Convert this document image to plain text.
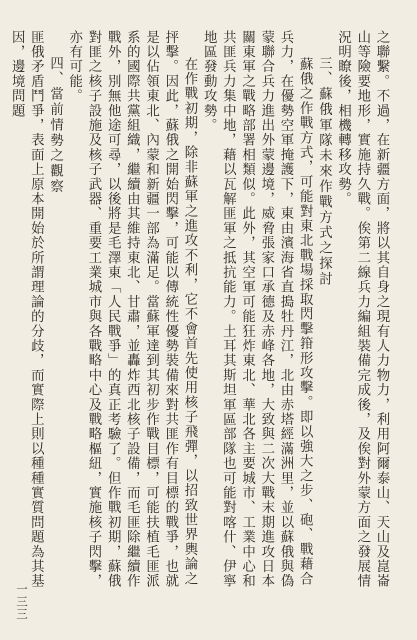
之聯繫。不過，在新疆方面，將以其自身之現有人力物力，利用阿爾泰山、天山及崑崙山等險要地形，實施持久戰。俟第二線兵力編組裝備完成後，及俟對外蒙方面之發展情況明瞭後，相機轉移攻勢。

三、蘇俄軍隊未來作戰方式之探討

蘇俄之作戰方式，可能對東北戰場採取閃擊箝形攻擊。即以強大之步、砲、戰藉合兵力，在優勢空軍掩護下，東由濱海省直搗牡丹江，北由赤塔經滿洲里，並以蘇俄與偽蒙聯合兵力進出外蒙邊境，威脅張家口承德及赤峰各地，大致與二次大戰末期進攻日本關東軍之戰略部署相類似。此外，其空軍可能狂炸東北、華北各主要城市、工業中心和共匪兵力集中地，藉以瓦解匪軍之抵抗能力。土耳其斯坦軍區部隊也可能對喀什、伊寧地區發動攻勢。

在作戰初期，除非蘇軍之進攻不利，它不會首先使用核子飛彈，以招致世界輿論之抨擊。因此，蘇俄之開始閃擊，可能以傳統性優勢裝備來對共匪作有目標的戰爭，也就是以佔領東北、內蒙和新疆一部為滿足。當蘇軍達到其初步作戰目標，可能扶植毛匪派系的國際共黨組織，繼續由其維持東北、甘肅，並轟炸西北核子設備，而毛匪除繼續作戰外，別無他途可尋，以後將是毛澤東「人民戰爭」的真正考驗了。但作戰初期，蘇俄對匪之核子設施及核子武器、重要工業城市與各戰略中心及戰略樞紐，實施核子閃擊，亦有可能。

四、當前情勢之觀察

匪俄矛盾鬥爭，表面上原本開始於所謂理論的分歧，而實際上則以種種實質問題為其基因，邊境問題

一三三
